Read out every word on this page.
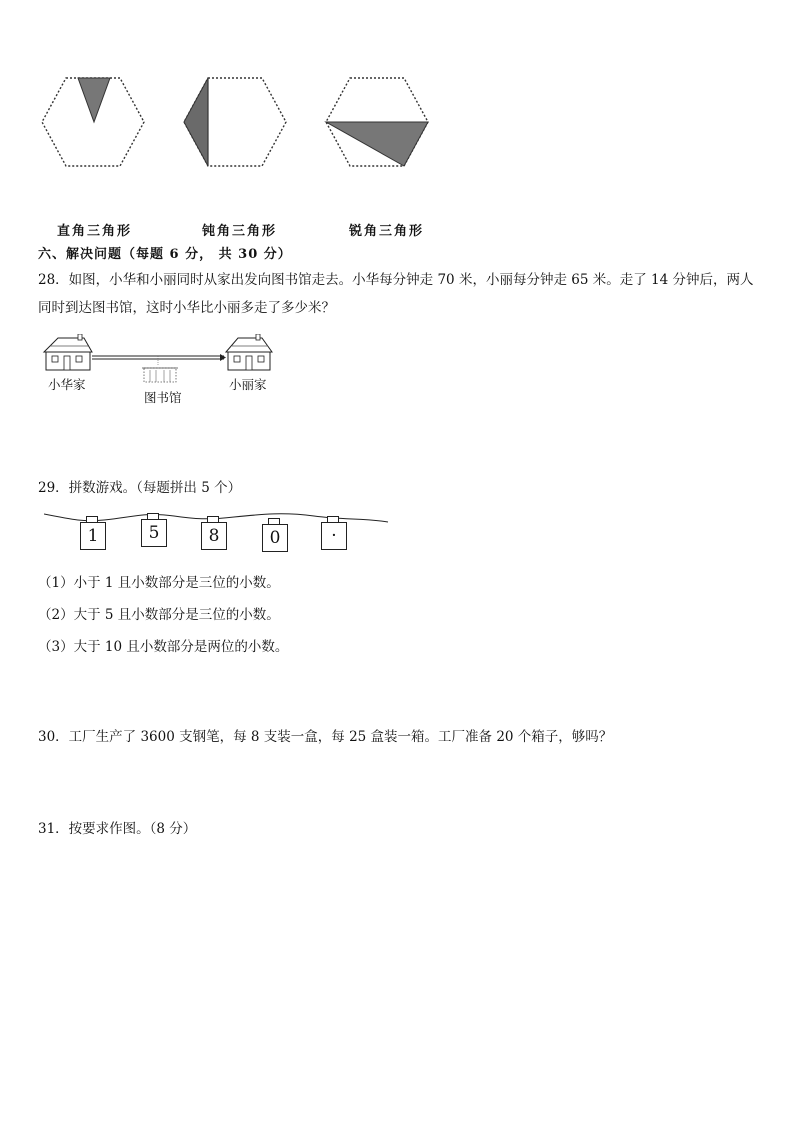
直角三角形	钝角三角形	锐角三角形
六、解决问题（每题 6 分， 共 30 分）
28．如图，小华和小丽同时从家出发向图书馆走去。小华每分钟走 70 米，小丽每分钟走 65 米。走了 14 分钟后，两人同时到达图书馆，这时小华比小丽多走了多少米？
小华家
图书馆
小丽家
29．拼数游戏。（每题拼出 5 个）
1	5	8	0	·
（1）小于 1 且小数部分是三位的小数。
（2）大于 5 且小数部分是三位的小数。
（3）大于 10 且小数部分是两位的小数。
30．工厂生产了 3600 支钢笔，每 8 支装一盒，每 25 盒装一箱。工厂准备 20 个箱子，够吗？
31．按要求作图。（8 分）
